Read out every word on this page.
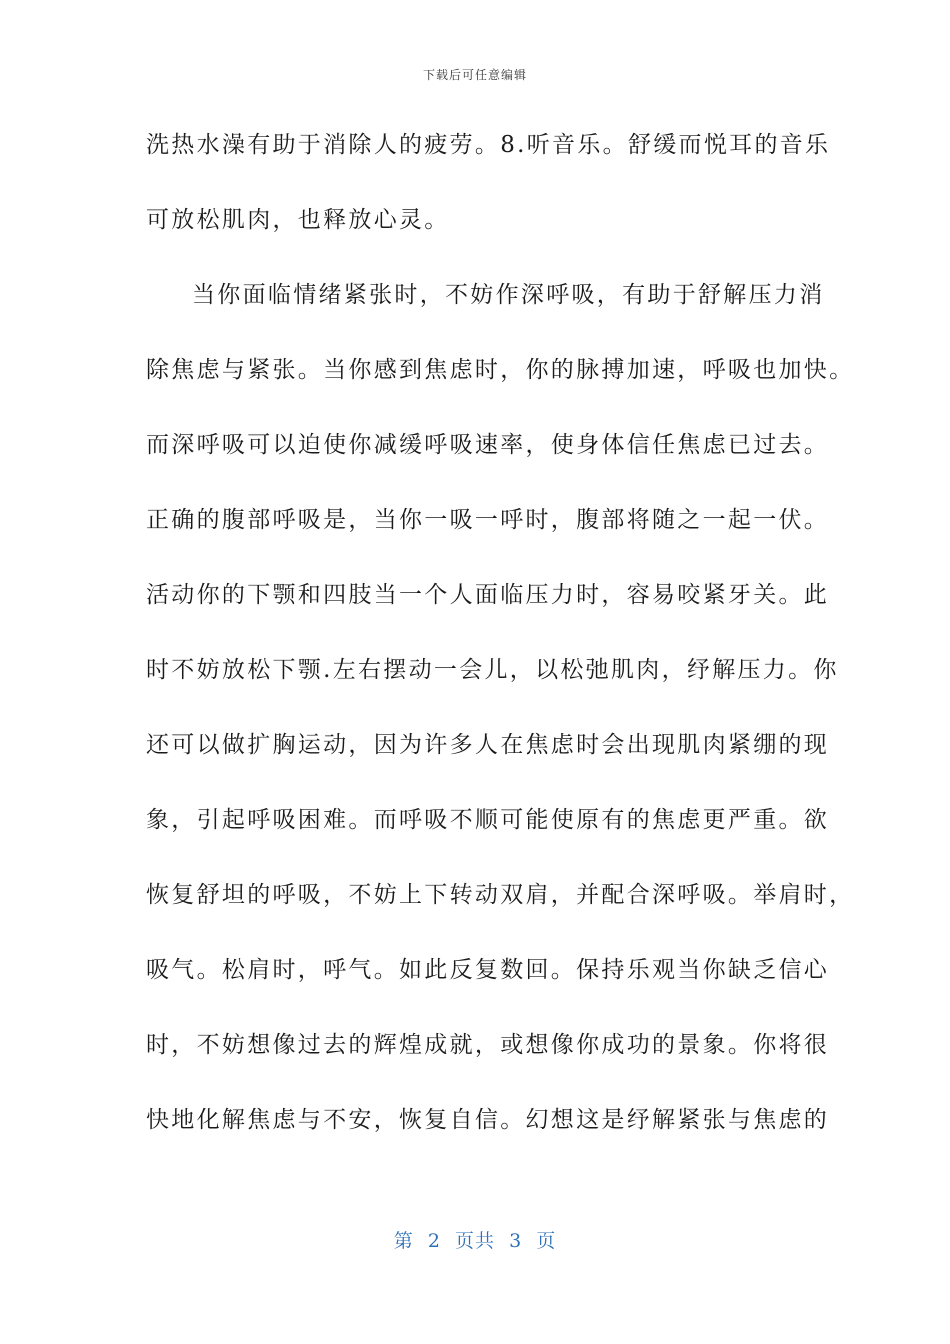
下载后可任意编辑
洗热水澡有助于消除人的疲劳。8.听音乐。舒缓而悦耳的音乐
可放松肌肉，也释放心灵。
当你面临情绪紧张时，不妨作深呼吸，有助于舒解压力消
除焦虑与紧张。当你感到焦虑时，你的脉搏加速，呼吸也加快。
而深呼吸可以迫使你减缓呼吸速率，使身体信任焦虑已过去。
正确的腹部呼吸是，当你一吸一呼时，腹部将随之一起一伏。
活动你的下颚和四肢当一个人面临压力时，容易咬紧牙关。此
时不妨放松下颚.左右摆动一会儿，以松弛肌肉，纾解压力。你
还可以做扩胸运动，因为许多人在焦虑时会出现肌肉紧绷的现
象，引起呼吸困难。而呼吸不顺可能使原有的焦虑更严重。欲
恢复舒坦的呼吸，不妨上下转动双肩，并配合深呼吸。举肩时，
吸气。松肩时，呼气。如此反复数回。保持乐观当你缺乏信心
时，不妨想像过去的辉煌成就，或想像你成功的景象。你将很
快地化解焦虑与不安，恢复自信。幻想这是纾解紧张与焦虑的
第  2  页共  3  页
